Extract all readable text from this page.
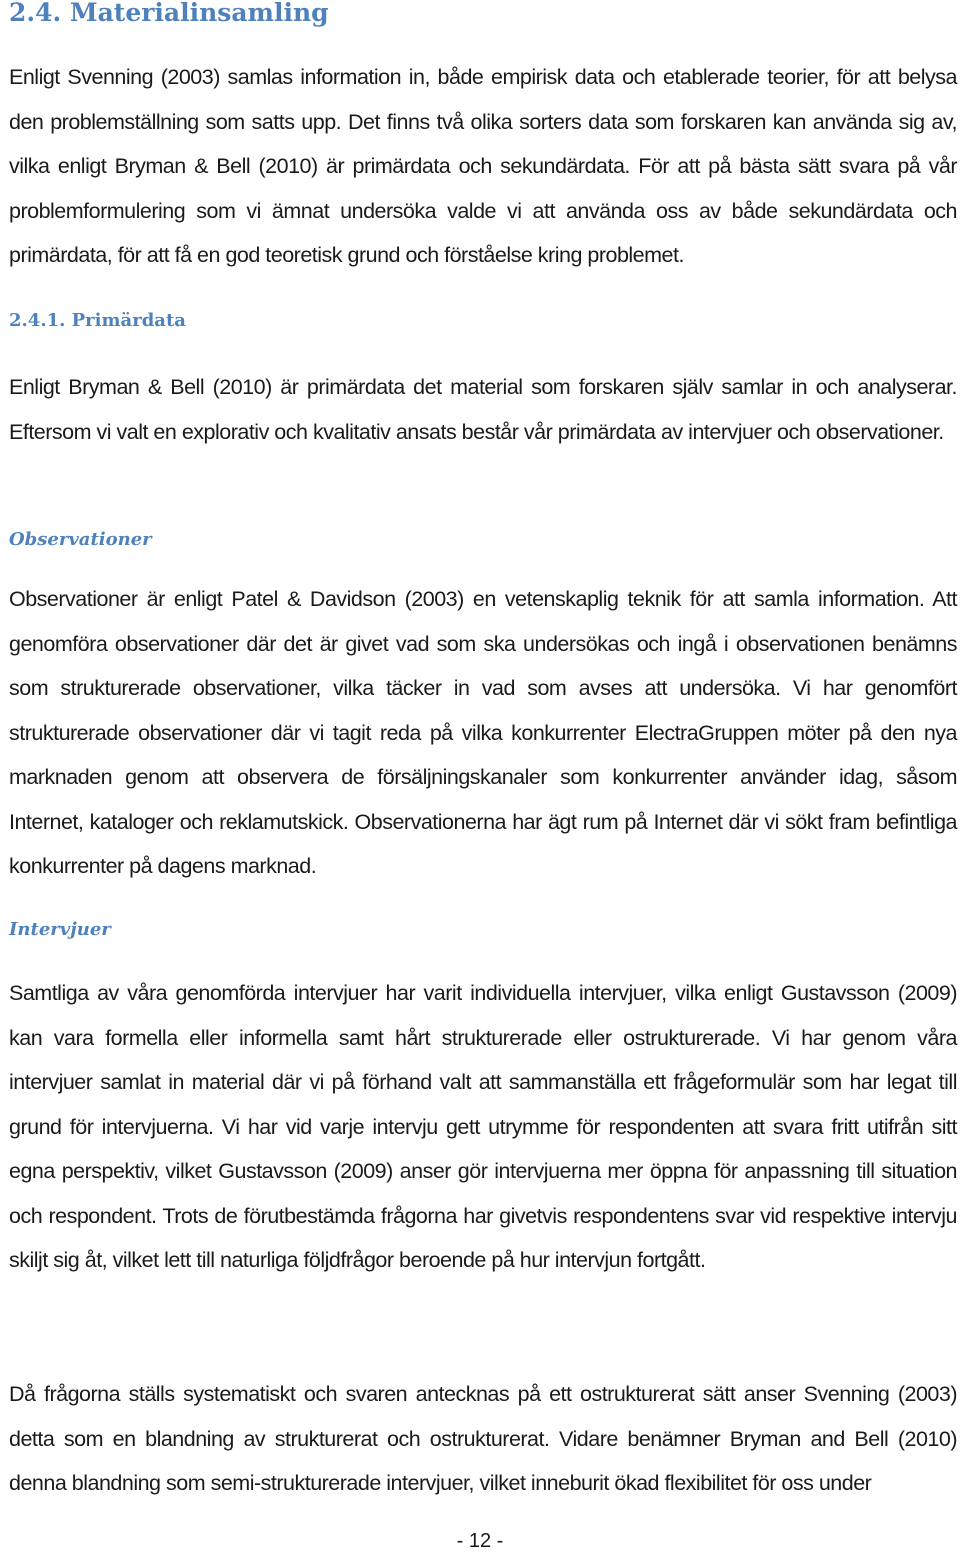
2.4. Materialinsamling

Enligt Svenning (2003) samlas information in, både empirisk data och etablerade teorier, för att belysa den problemställning som satts upp. Det finns två olika sorters data som forskaren kan använda sig av, vilka enligt Bryman & Bell (2010) är primärdata och sekundärdata. För att på bästa sätt svara på vår problemformulering som vi ämnat undersöka valde vi att använda oss av både sekundärdata och primärdata, för att få en god teoretisk grund och förståelse kring problemet.

2.4.1. Primärdata

Enligt Bryman & Bell (2010) är primärdata det material som forskaren själv samlar in och analyserar. Eftersom vi valt en explorativ och kvalitativ ansats består vår primärdata av intervjuer och observationer.

Observationer

Observationer är enligt Patel & Davidson (2003) en vetenskaplig teknik för att samla information. Att genomföra observationer där det är givet vad som ska undersökas och ingå i observationen benämns som strukturerade observationer, vilka täcker in vad som avses att undersöka. Vi har genomfört strukturerade observationer där vi tagit reda på vilka konkurrenter ElectraGruppen möter på den nya marknaden genom att observera de försäljningskanaler som konkurrenter använder idag, såsom Internet, kataloger och reklamutskick. Observationerna har ägt rum på Internet där vi sökt fram befintliga konkurrenter på dagens marknad.

Intervjuer

Samtliga av våra genomförda intervjuer har varit individuella intervjuer, vilka enligt Gustavsson (2009) kan vara formella eller informella samt hårt strukturerade eller ostrukturerade. Vi har genom våra intervjuer samlat in material där vi på förhand valt att sammanställa ett frågeformulär som har legat till grund för intervjuerna. Vi har vid varje intervju gett utrymme för respondenten att svara fritt utifrån sitt egna perspektiv, vilket Gustavsson (2009) anser gör intervjuerna mer öppna för anpassning till situation och respondent. Trots de förutbestämda frågorna har givetvis respondentens svar vid respektive intervju skiljt sig åt, vilket lett till naturliga följdfrågor beroende på hur intervjun fortgått.

Då frågorna ställs systematiskt och svaren antecknas på ett ostrukturerat sätt anser Svenning (2003) detta som en blandning av strukturerat och ostrukturerat. Vidare benämner Bryman and Bell (2010) denna blandning som semi-strukturerade intervjuer, vilket inneburit ökad flexibilitet för oss under

- 12 -
